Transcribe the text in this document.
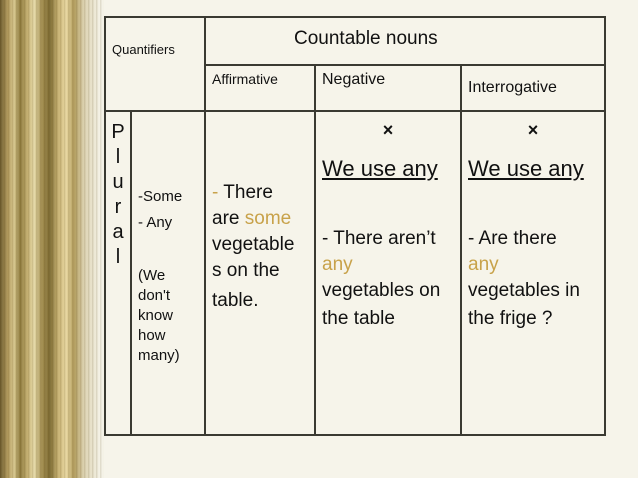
Quantifiers
Countable nouns
Affirmative	Negative	Interrogative
P
l
u
r
a
l
-Some
- Any
(We
don't
know
how
many)
- There
are some
vegetable
s on the
table.
×
We use any
- There aren’t
any
vegetables on
the table
×
We use any
- Are there
any
vegetables in
the frige ?
